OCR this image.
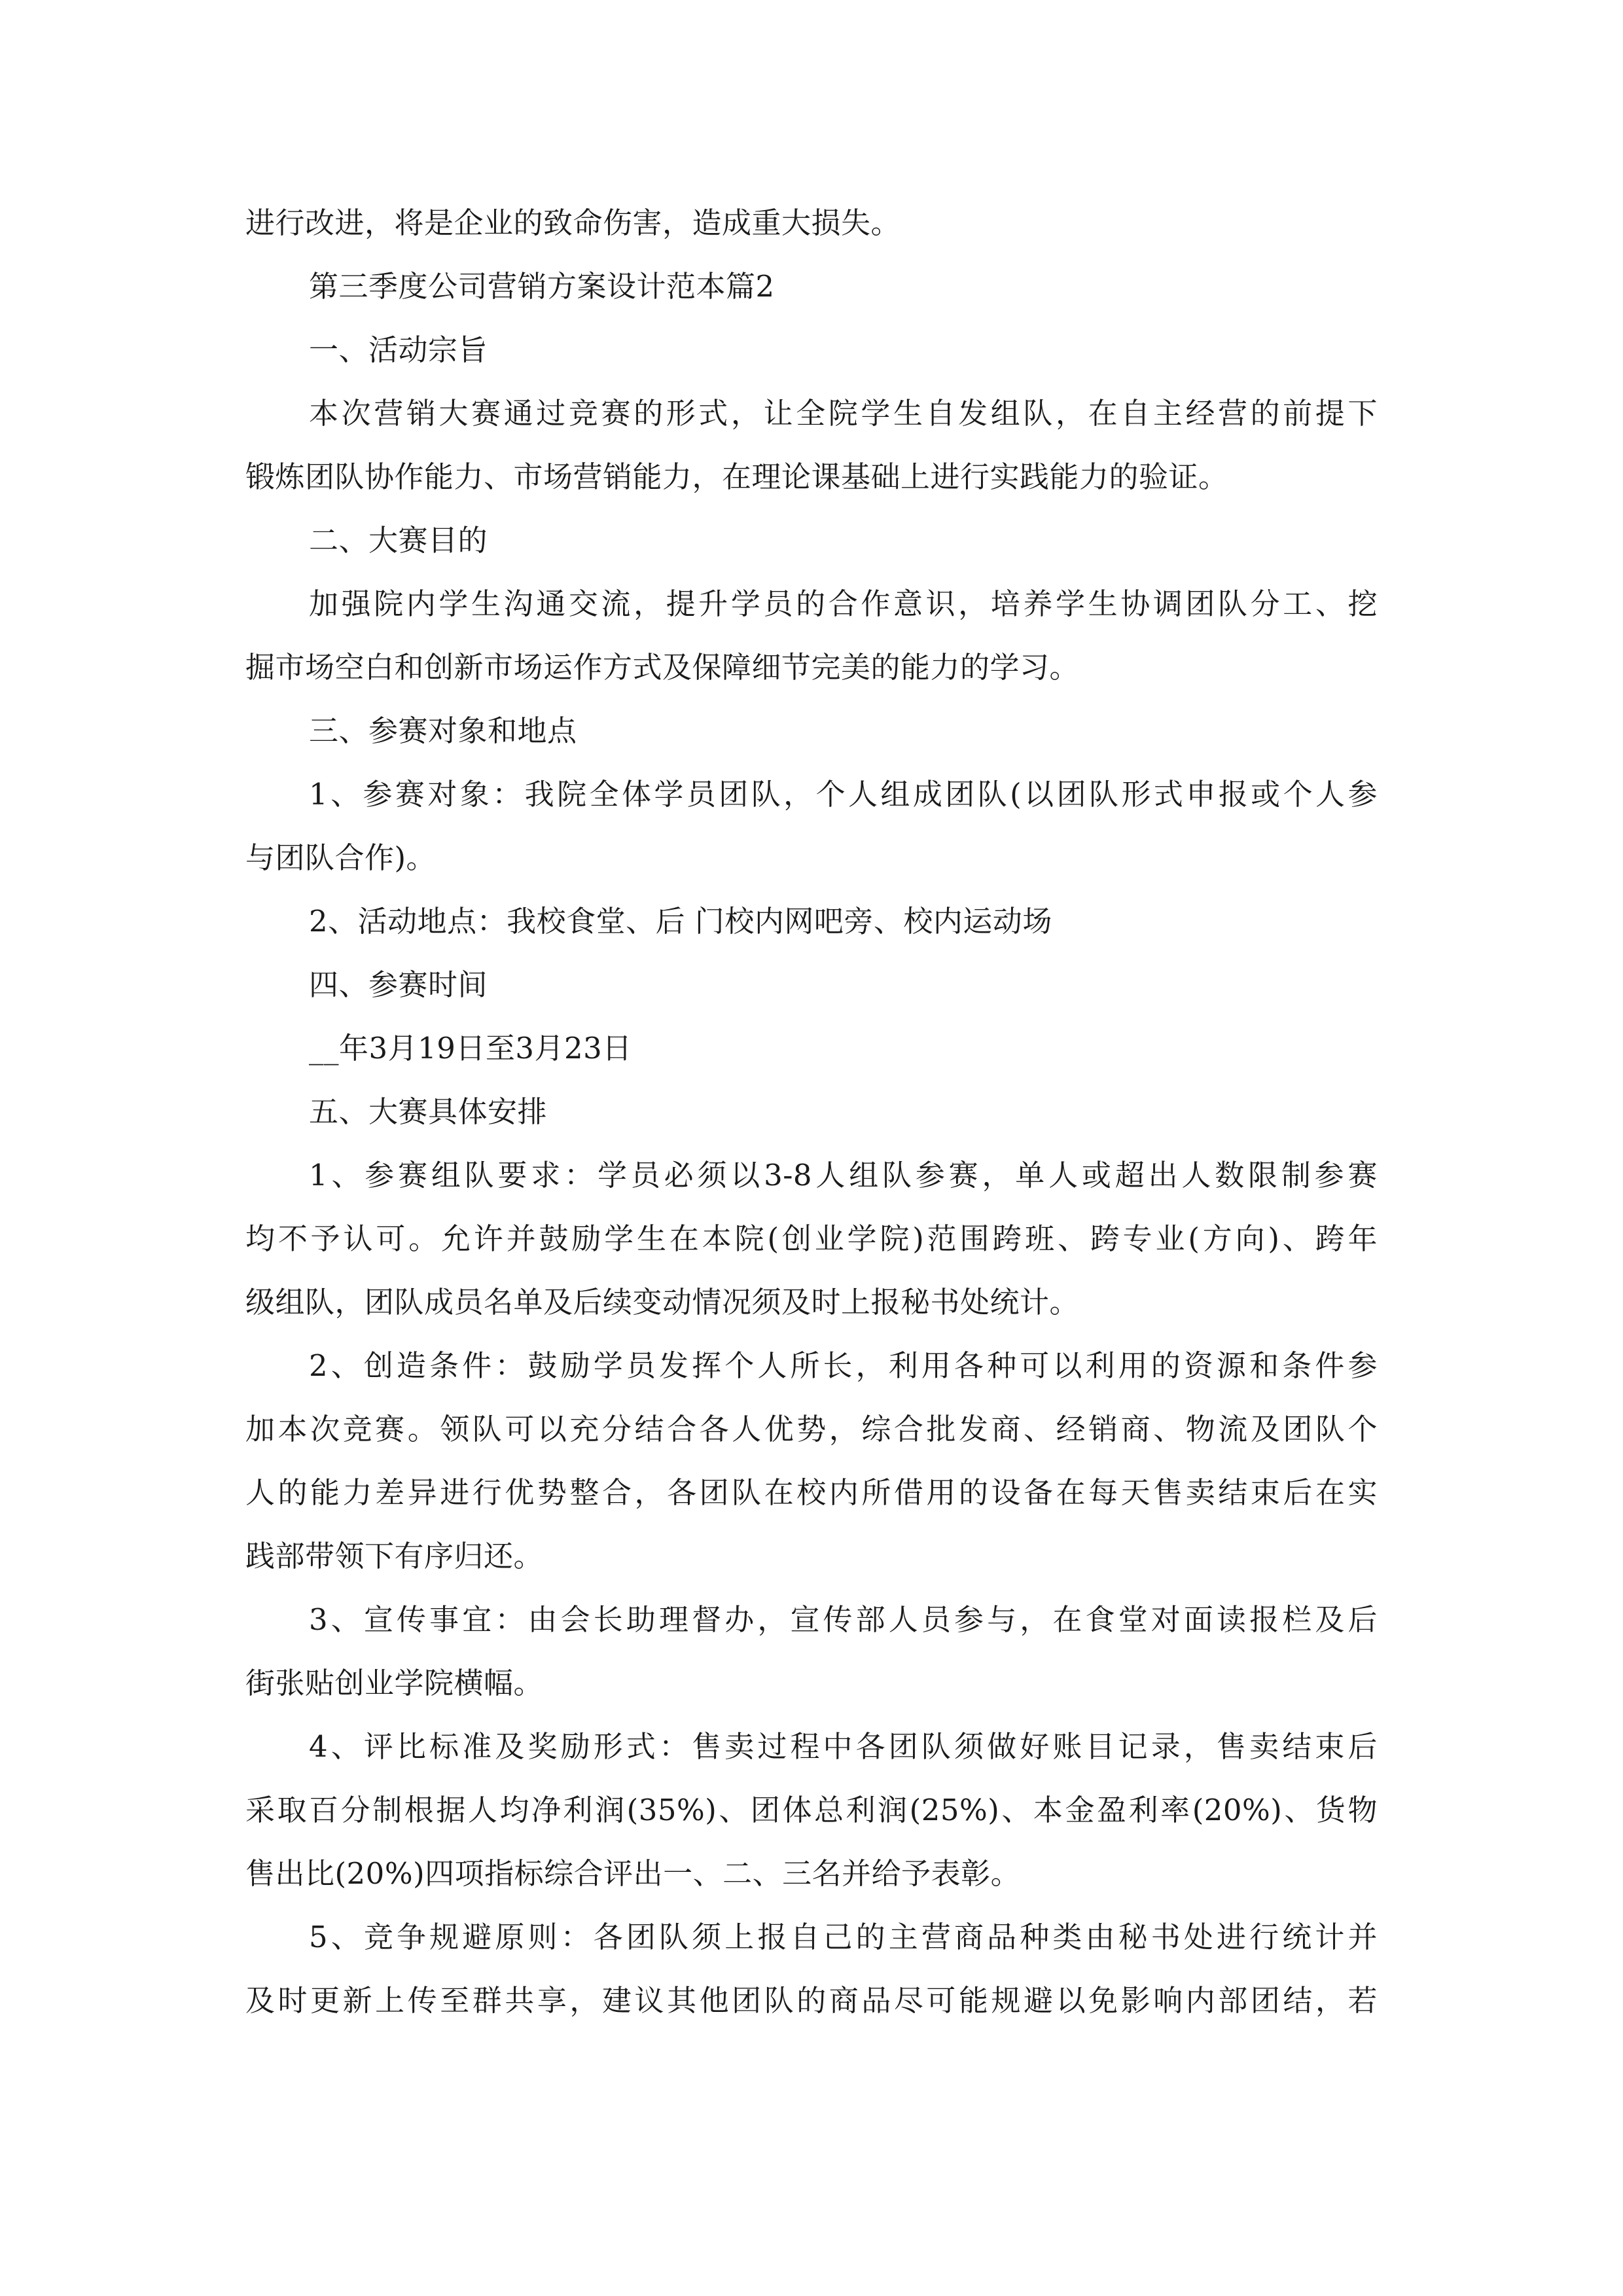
进行改进，将是企业的致命伤害，造成重大损失。
第三季度公司营销方案设计范本篇2
一、活动宗旨
本次营销大赛通过竞赛的形式，让全院学生自发组队，在自主经营的前提下
锻炼团队协作能力、市场营销能力，在理论课基础上进行实践能力的验证。
二、大赛目的
加强院内学生沟通交流，提升学员的合作意识，培养学生协调团队分工、挖
掘市场空白和创新市场运作方式及保障细节完美的能力的学习。
三、参赛对象和地点
1、参赛对象：我院全体学员团队，个人组成团队(以团队形式申报或个人参
与团队合作)。
2、活动地点：我校食堂、后 门校内网吧旁、校内运动场
四、参赛时间
__年3月19日至3月23日
五、大赛具体安排
1、参赛组队要求：学员必须以3-8人组队参赛，单人或超出人数限制参赛
均不予认可。允许并鼓励学生在本院(创业学院)范围跨班、跨专业(方向)、跨年
级组队，团队成员名单及后续变动情况须及时上报秘书处统计。
2、创造条件：鼓励学员发挥个人所长，利用各种可以利用的资源和条件参
加本次竞赛。领队可以充分结合各人优势，综合批发商、经销商、物流及团队个
人的能力差异进行优势整合，各团队在校内所借用的设备在每天售卖结束后在实
践部带领下有序归还。
3、宣传事宜：由会长助理督办，宣传部人员参与，在食堂对面读报栏及后
街张贴创业学院横幅。
4、评比标准及奖励形式：售卖过程中各团队须做好账目记录，售卖结束后
采取百分制根据人均净利润(35%)、团体总利润(25%)、本金盈利率(20%)、货物
售出比(20%)四项指标综合评出一、二、三名并给予表彰。
5、竞争规避原则：各团队须上报自己的主营商品种类由秘书处进行统计并
及时更新上传至群共享，建议其他团队的商品尽可能规避以免影响内部团结，若
